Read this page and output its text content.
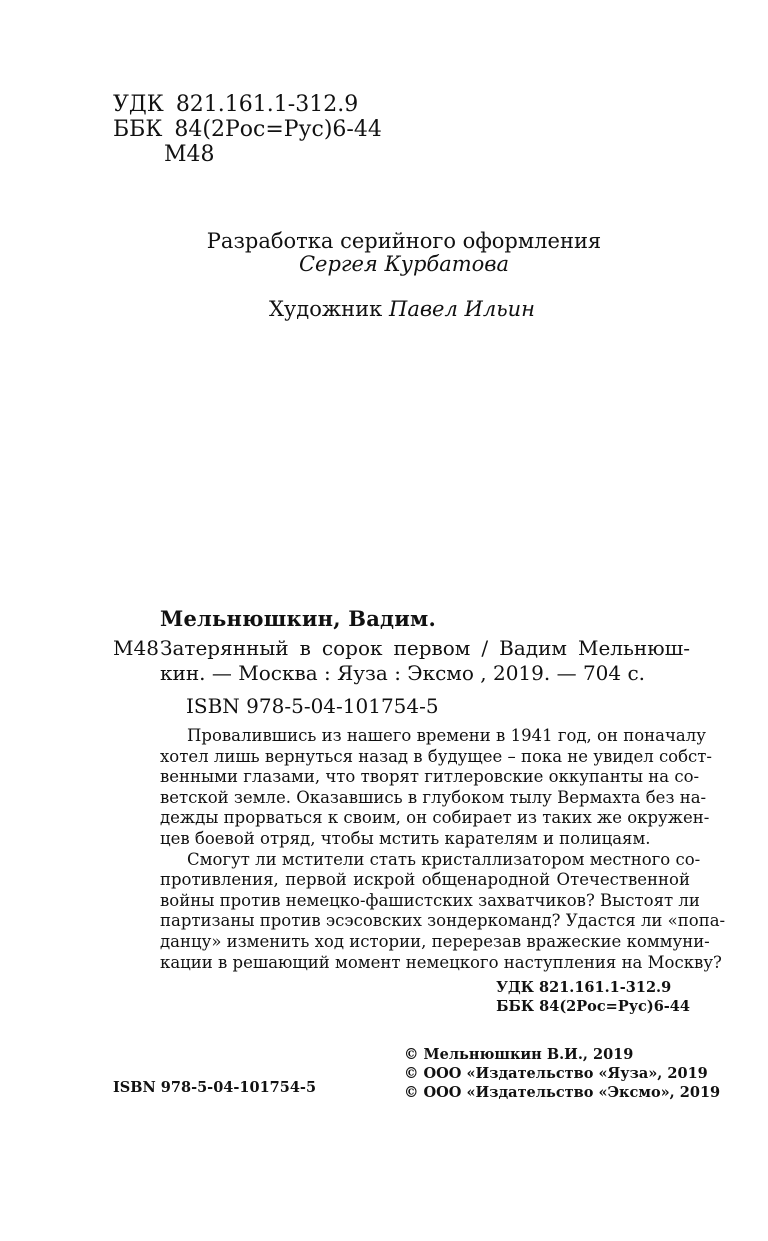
УДК 821.161.1-312.9
ББК 84(2Рос=Рус)6-44
М48
Разработка серийного оформления
Сергея Курбатова
Художник Павел Ильин
Мельнюшкин, Вадим.
М48 Затерянный в сорок первом / Вадим Мельнюш-
кин. — Москва : Яуза : Эксмо , 2019. — 704 с.
ISBN 978-5-04-101754-5
Провалившись из нашего времени в 1941 год, он поначалу
хотел лишь вернуться назад в будущее – пока не увидел собст-
венными глазами, что творят гитлеровские оккупанты на со-
ветской земле. Оказавшись в глубоком тылу Вермахта без на-
дежды прорваться к своим, он собирает из таких же окружен-
цев боевой отряд, чтобы мстить карателям и полицаям.
Смогут ли мстители стать кристаллизатором местного со-
противления, первой искрой общенародной Отечественной
войны против немецко-фашистских захватчиков? Выстоят ли
партизаны против эсэсовских зондеркоманд? Удастся ли «попа-
данцу» изменить ход истории, перерезав вражеские коммуни-
кации в решающий момент немецкого наступления на Москву?
УДК 821.161.1-312.9
ББК 84(2Рос=Рус)6-44
© Мельнюшкин В.И., 2019
© ООО «Издательство «Яуза», 2019
© ООО «Издательство «Эксмо», 2019
ISBN 978-5-04-101754-5
